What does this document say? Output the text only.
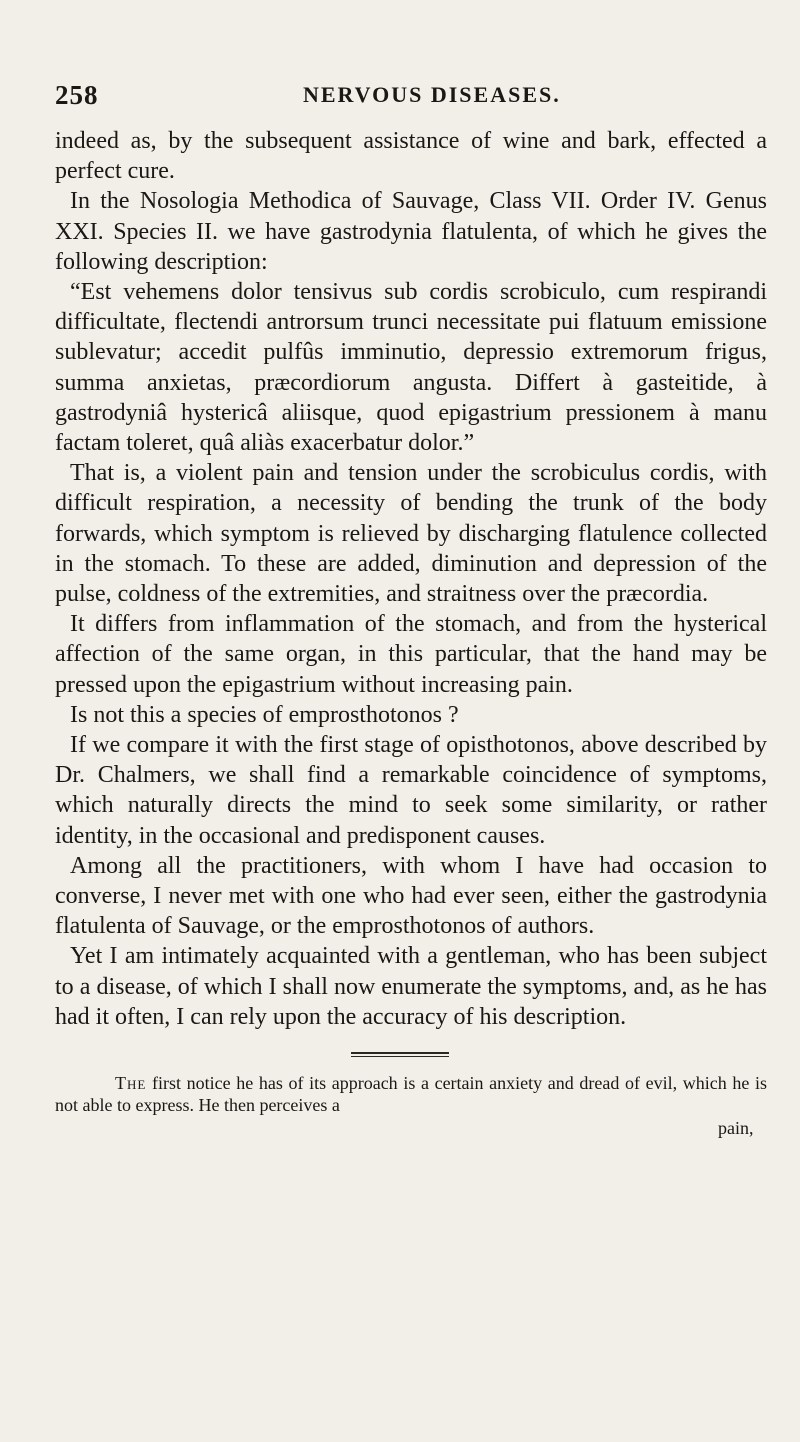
258	NERVOUS DISEASES.

indeed as, by the subsequent assistance of wine and bark, effected a perfect cure.

In the Nosologia Methodica of Sauvage, Class VII. Order IV. Genus XXI. Species II. we have gastrodynia flatulenta, of which he gives the following description:

“Est vehemens dolor tensivus sub cordis scrobiculo, cum respirandi difficultate, flectendi antrorsum trunci necessitate pui flatuum emissione sublevatur; accedit pulfûs imminutio, depressio extremorum frigus, summa anxietas, præcordiorum angusta. Differt à gasteitide, à gastrodyniâ hystericâ aliisque, quod epigastrium pressionem à manu factam toleret, quâ aliàs exacerbatur dolor.”

That is, a violent pain and tension under the scrobiculus cordis, with difficult respiration, a necessity of bending the trunk of the body forwards, which symptom is relieved by discharging flatulence collected in the stomach. To these are added, diminution and depression of the pulse, coldness of the extremities, and straitness over the præcordia.

It differs from inflammation of the stomach, and from the hysterical affection of the same organ, in this particular, that the hand may be pressed upon the epigastrium without increasing pain.

Is not this a species of emprosthotonos ?

If we compare it with the first stage of opisthotonos, above described by Dr. Chalmers, we shall find a remarkable coincidence of symptoms, which naturally directs the mind to seek some similarity, or rather identity, in the occasional and predisponent causes.

Among all the practitioners, with whom I have had occasion to converse, I never met with one who had ever seen, either the gastrodynia flatulenta of Sauvage, or the emprosthotonos of authors.

Yet I am intimately acquainted with a gentleman, who has been subject to a disease, of which I shall now enumerate the symptoms, and, as he has had it often, I can rely upon the accuracy of his description.

The first notice he has of its approach is a certain anxiety and dread of evil, which he is not able to express. He then perceives a
pain,
